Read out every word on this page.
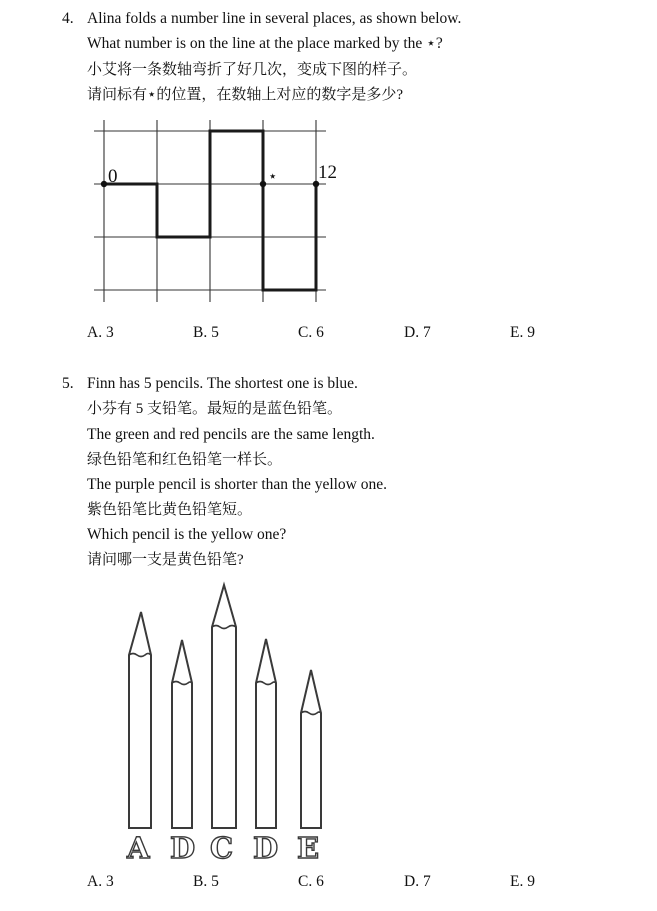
4. Alina folds a number line in several places, as shown below.
What number is on the line at the place marked by the ⋆?
小艾将一条数轴弯折了好几次，变成下图的样子。
请问标有⋆的位置，在数轴上对应的数字是多少?
0	⋆ 12
A. 3	B. 5	C. 6	D. 7	E. 9
5. Finn has 5 pencils. The shortest one is blue.
小芬有 5 支铅笔。最短的是蓝色铅笔。
The green and red pencils are the same length.
绿色铅笔和红色铅笔一样长。
The purple pencil is shorter than the yellow one.
紫色铅笔比黄色铅笔短。
Which pencil is the yellow one?
请问哪一支是黄色铅笔?
A D C D E
A. 3	B. 5	C. 6	D. 7	E. 9
